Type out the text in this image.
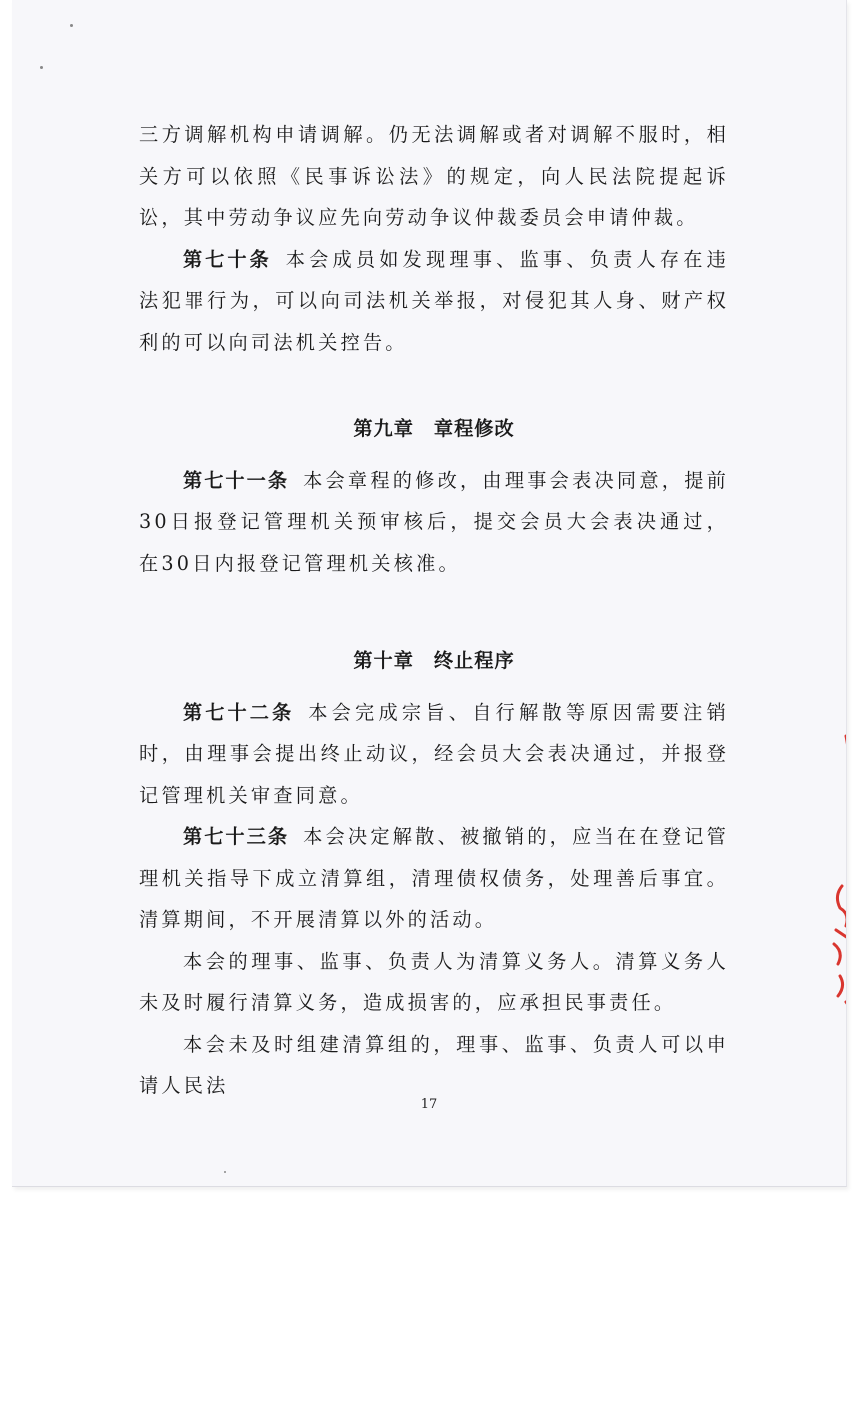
三方调解机构申请调解。仍无法调解或者对调解不服时，相关方可以依照《民事诉讼法》的规定，向人民法院提起诉讼，其中劳动争议应先向劳动争议仲裁委员会申请仲裁。

第七十条 本会成员如发现理事、监事、负责人存在违法犯罪行为，可以向司法机关举报，对侵犯其人身、财产权利的可以向司法机关控告。

第九章 章程修改

第七十一条 本会章程的修改，由理事会表决同意，提前30日报登记管理机关预审核后，提交会员大会表决通过，在30日内报登记管理机关核准。

第十章 终止程序

第七十二条 本会完成宗旨、自行解散等原因需要注销时，由理事会提出终止动议，经会员大会表决通过，并报登记管理机关审查同意。

第七十三条 本会决定解散、被撤销的，应当在在登记管理机关指导下成立清算组，清理债权债务，处理善后事宜。清算期间，不开展清算以外的活动。

本会的理事、监事、负责人为清算义务人。清算义务人未及时履行清算义务，造成损害的，应承担民事责任。

本会未及时组建清算组的，理事、监事、负责人可以申请人民法

17
